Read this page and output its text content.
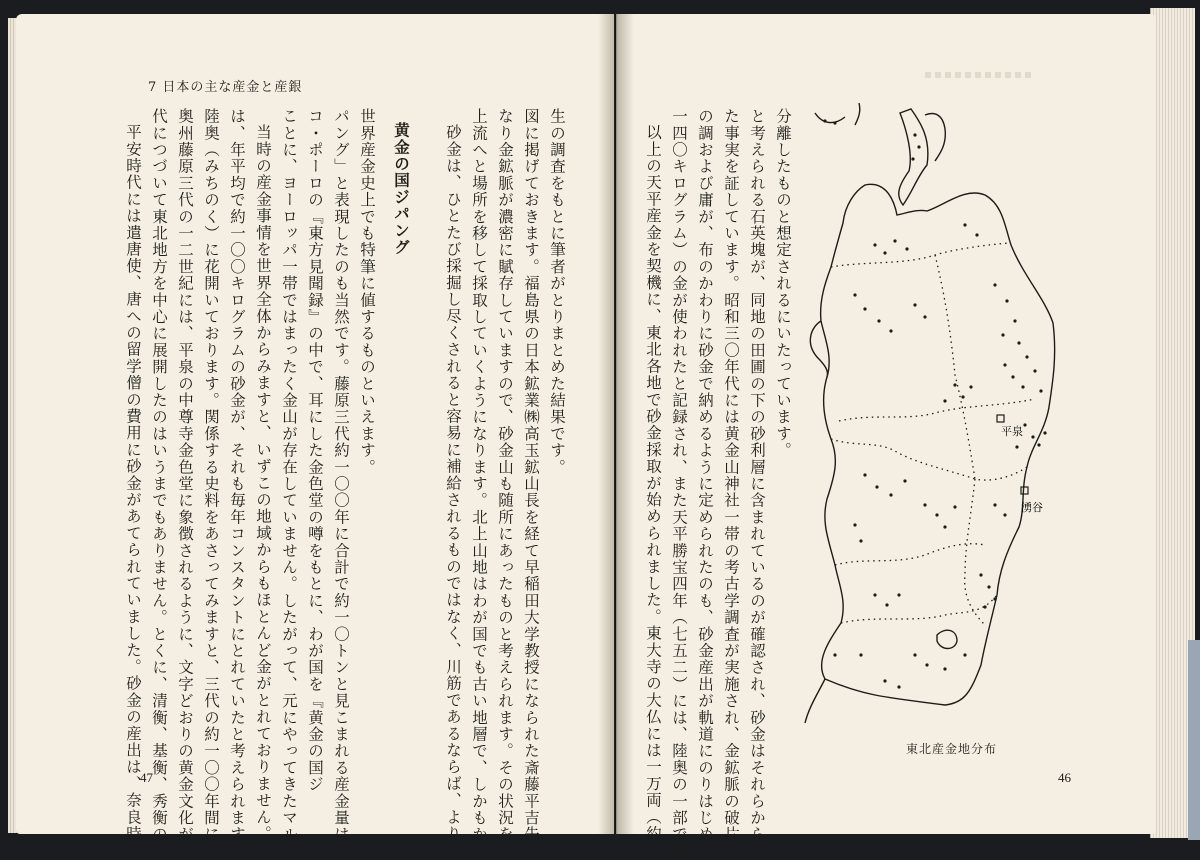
7 日本の主な産金と産銀
世界産金史上でも特筆に値するものといえます。
パング」と表現したのも当然です。藤原三代約一〇〇年に合計で約一〇トンと見こまれる産金量は、
コ・ポーロの『東方見聞録』の中で、耳にした金色堂の噂をもとに、わが国を『黄金の国ジ
ことに、ヨーロッパ一帯ではまったく金山が存在していません。したがって、元にやってきたマル
当時の産金事情を世界全体からみますと、いずこの地域からもほとんど金がとれておりません。
は、年平均で約一〇〇キログラムの砂金が、それも毎年コンスタントにとれていたと考えられます。
陸奥（みちのく）に花開いております。関係する史料をあさってみますと、三代の約一〇〇年間に
奥州藤原三代の一二世紀には、平泉の中尊寺金色堂に象徴されるように、文字どおりの黄金文化が
代につづいて東北地方を中心に展開したのはいうまでもありません。とくに、清衡、基衡、秀衡の
平安時代には遣唐使、唐への留学僧の費用に砂金があてられていました。砂金の産出は、奈良時	黄金の国ジパング	生の調査をもとに筆者がとりまとめた結果です。
図に掲げておきます。福島県の日本鉱業㈱高玉鉱山長を経て早稲田大学教授になられた斎藤平吉先
なり金鉱脈が濃密に賦存していますので、砂金山も随所にあったものと考えられます。その状況を
上流へと場所を移して採取していくようになります。北上山地はわが国でも古い地層で、しかもか
砂金は、ひとたび採掘し尽くされると容易に補給されるものではなく、川筋であるならば、より
47
分離したものと想定されるにいたっています。
と考えられる石英塊が、同地の田圃の下の砂利層に含まれているのが確認され、砂金はそれらから
た事実を証しています。昭和三〇年代には黄金山神社一帯の考古学調査が実施され、金鉱脈の破片
の調および庸が、布のかわりに砂金で納めるように定められたのも、砂金産出が軌道にのりはじめ
一四〇キログラム）の金が使われたと記録され、また天平勝宝四年（七五二）には、陸奥の一部で税
以上の天平産金を契機に、東北各地で砂金採取が始められました。東大寺の大仏には一万両（約	平泉
湧谷
東北産金地分布
46
